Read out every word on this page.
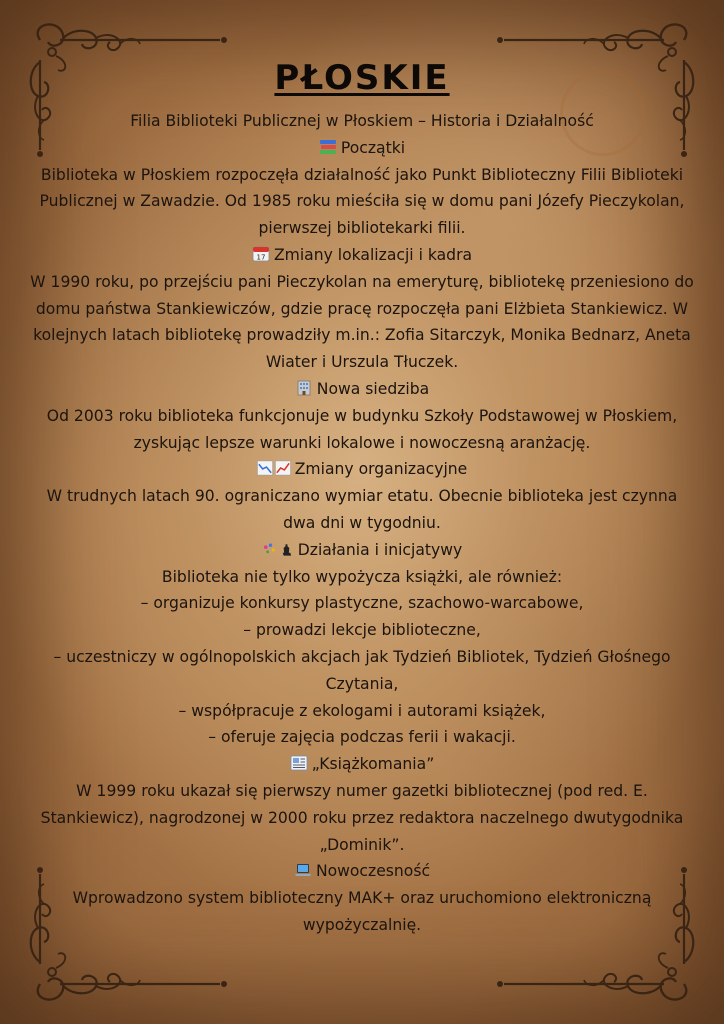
PŁOSKIE

Filia Biblioteki Publicznej w Płoskiem – Historia i Działalność

Początki

Biblioteka w Płoskiem rozpoczęła działalność jako Punkt Biblioteczny Filii Biblioteki Publicznej w Zawadzie. Od 1985 roku mieściła się w domu pani Józefy Pieczykolan, pierwszej bibliotekarki filii.

17 Zmiany lokalizacji i kadra

W 1990 roku, po przejściu pani Pieczykolan na emeryturę, bibliotekę przeniesiono do domu państwa Stankiewiczów, gdzie pracę rozpoczęła pani Elżbieta Stankiewicz. W kolejnych latach bibliotekę prowadziły m.in.: Zofia Sitarczyk, Monika Bednarz, Aneta Wiater i Urszula Tłuczek.

Nowa siedziba

Od 2003 roku biblioteka funkcjonuje w budynku Szkoły Podstawowej w Płoskiem, zyskując lepsze warunki lokalowe i nowoczesną aranżację.

Zmiany organizacyjne

W trudnych latach 90. ograniczano wymiar etatu. Obecnie biblioteka jest czynna dwa dni w tygodniu.

Działania i inicjatywy

Biblioteka nie tylko wypożycza książki, ale również:

– organizuje konkursy plastyczne, szachowo-warcabowe,

– prowadzi lekcje biblioteczne,

– uczestniczy w ogólnopolskich akcjach jak Tydzień Bibliotek, Tydzień Głośnego Czytania,

– współpracuje z ekologami i autorami książek,

– oferuje zajęcia podczas ferii i wakacji.

„Książkomania”

W 1999 roku ukazał się pierwszy numer gazetki bibliotecznej (pod red. E. Stankiewicz), nagrodzonej w 2000 roku przez redaktora naczelnego dwutygodnika „Dominik”.

Nowoczesność

Wprowadzono system biblioteczny MAK+ oraz uruchomiono elektroniczną wypożyczalnię.
